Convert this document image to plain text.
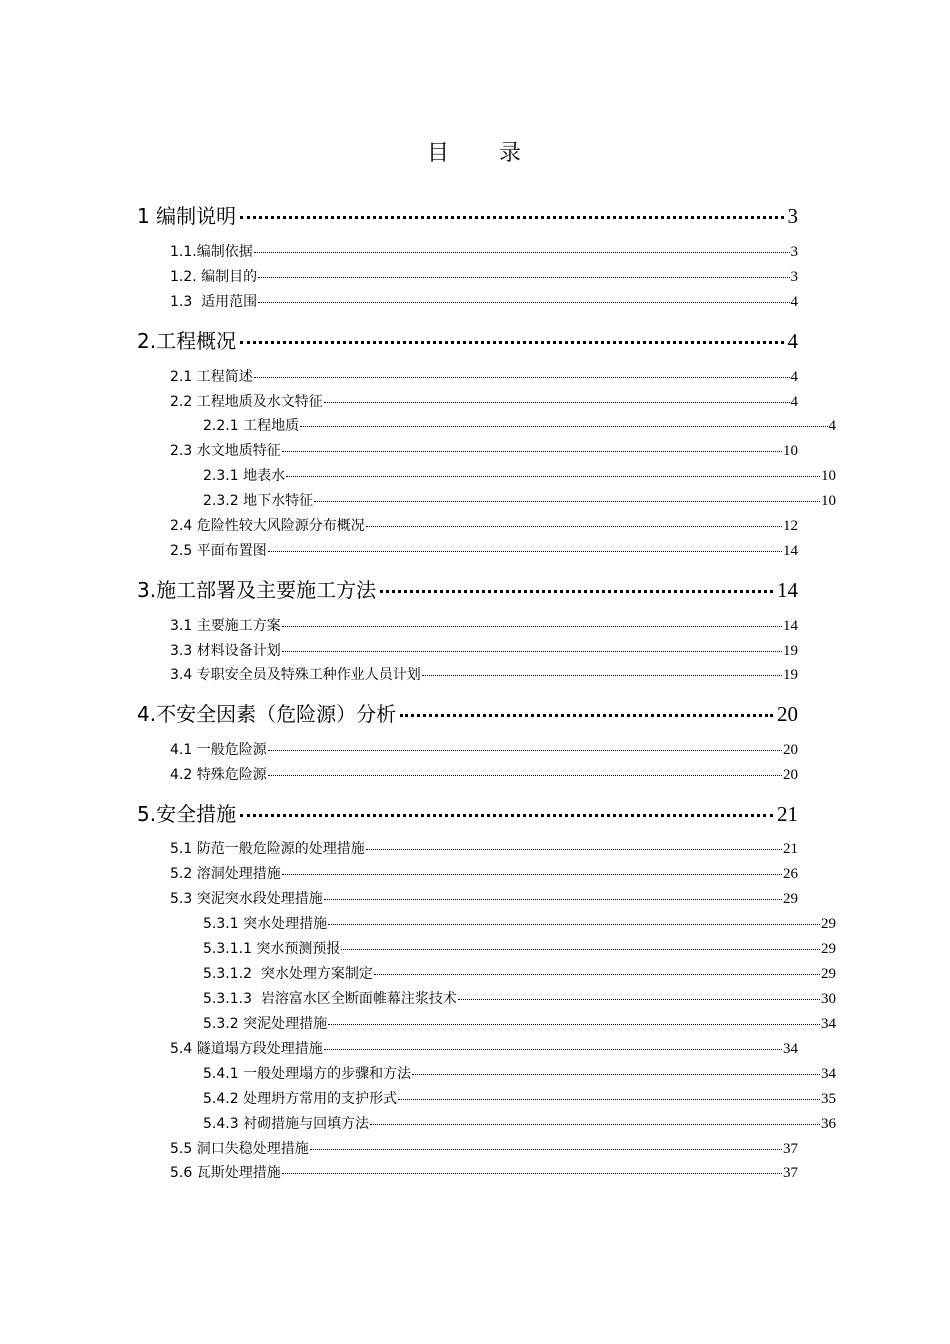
目　　录
1 编制说明	3
1.1.编制依据	3
1.2. 编制目的	3
1.3  适用范围	4
2.工程概况	4
2.1 工程简述	4
2.2 工程地质及水文特征	4
2.2.1 工程地质	4
2.3 水文地质特征	10
2.3.1 地表水	10
2.3.2 地下水特征	10
2.4 危险性较大风险源分布概况	12
2.5 平面布置图	14
3.施工部署及主要施工方法	14
3.1 主要施工方案	14
3.3 材料设备计划	19
3.4 专职安全员及特殊工种作业人员计划	19
4.不安全因素（危险源）分析	20
4.1 一般危险源	20
4.2 特殊危险源	20
5.安全措施	21
5.1 防范一般危险源的处理措施	21
5.2 溶洞处理措施	26
5.3 突泥突水段处理措施	29
5.3.1 突水处理措施	29
5.3.1.1 突水预测预报	29
5.3.1.2  突水处理方案制定	29
5.3.1.3  岩溶富水区全断面帷幕注浆技术	30
5.3.2 突泥处理措施	34
5.4 隧道塌方段处理措施	34
5.4.1 一般处理塌方的步骤和方法	34
5.4.2 处理坍方常用的支护形式	35
5.4.3 衬砌措施与回填方法	36
5.5 洞口失稳处理措施	37
5.6 瓦斯处理措施	37
